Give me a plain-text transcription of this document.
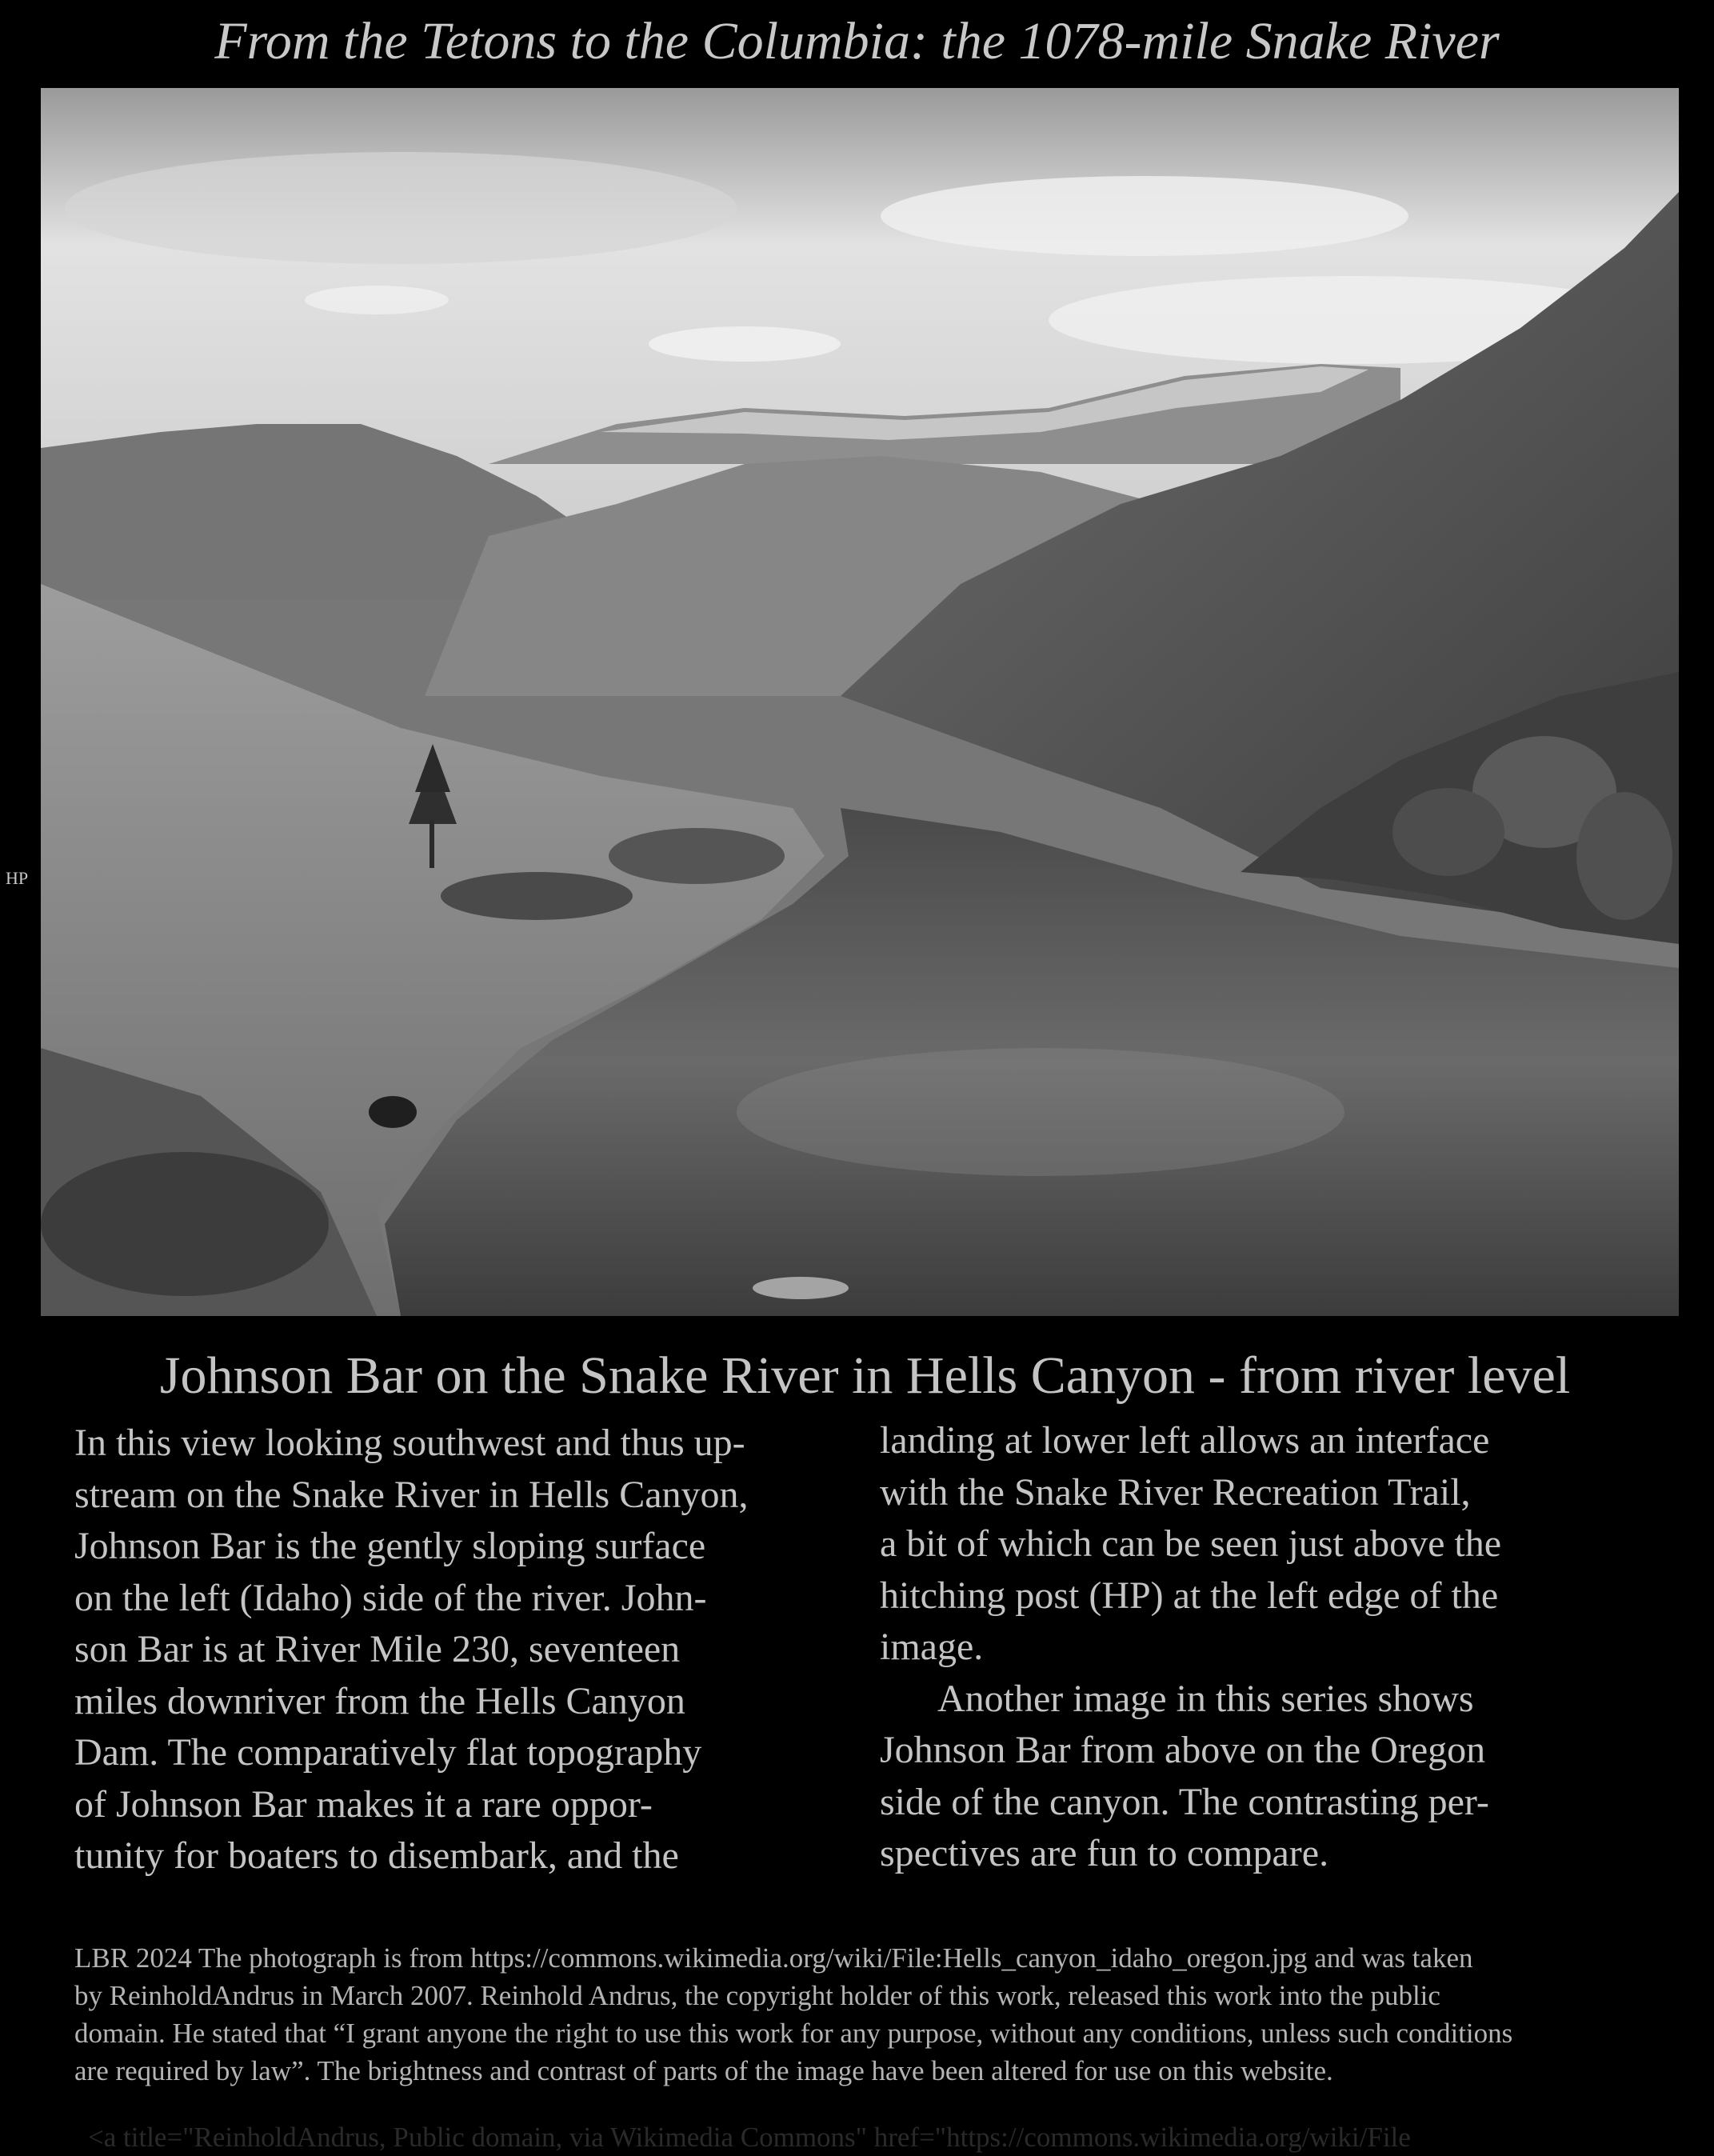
From the Tetons to the Columbia: the 1078-mile Snake River
HP
Johnson Bar on the Snake River in Hells Canyon - from river level
In this view looking southwest and thus up-
stream on the Snake River in Hells Canyon,
Johnson Bar is the gently sloping surface
on the left (Idaho) side of the river. John-
son Bar is at River Mile 230, seventeen
miles downriver from the Hells Canyon
Dam. The comparatively flat topography
of Johnson Bar makes it a rare oppor-
tunity for boaters to disembark, and the
landing at lower left allows an interface
with the Snake River Recreation Trail,
a bit of which can be seen just above the
hitching post (HP) at the left edge of the
image.
Another image in this series shows
Johnson Bar from above on the Oregon
side of the canyon. The contrasting per-
spectives are fun to compare.
LBR 2024 The photograph is from https://commons.wikimedia.org/wiki/File:Hells_canyon_idaho_oregon.jpg and was taken
by ReinholdAndrus in March 2007. Reinhold Andrus, the copyright holder of this work, released this work into the public
domain. He stated that “I grant anyone the right to use this work for any purpose, without any conditions, unless such conditions
are required by law”. The brightness and contrast of parts of the image have been altered for use on this website.
<a title="ReinholdAndrus, Public domain, via Wikimedia Commons" href="https://commons.wikimedia.org/wiki/File
